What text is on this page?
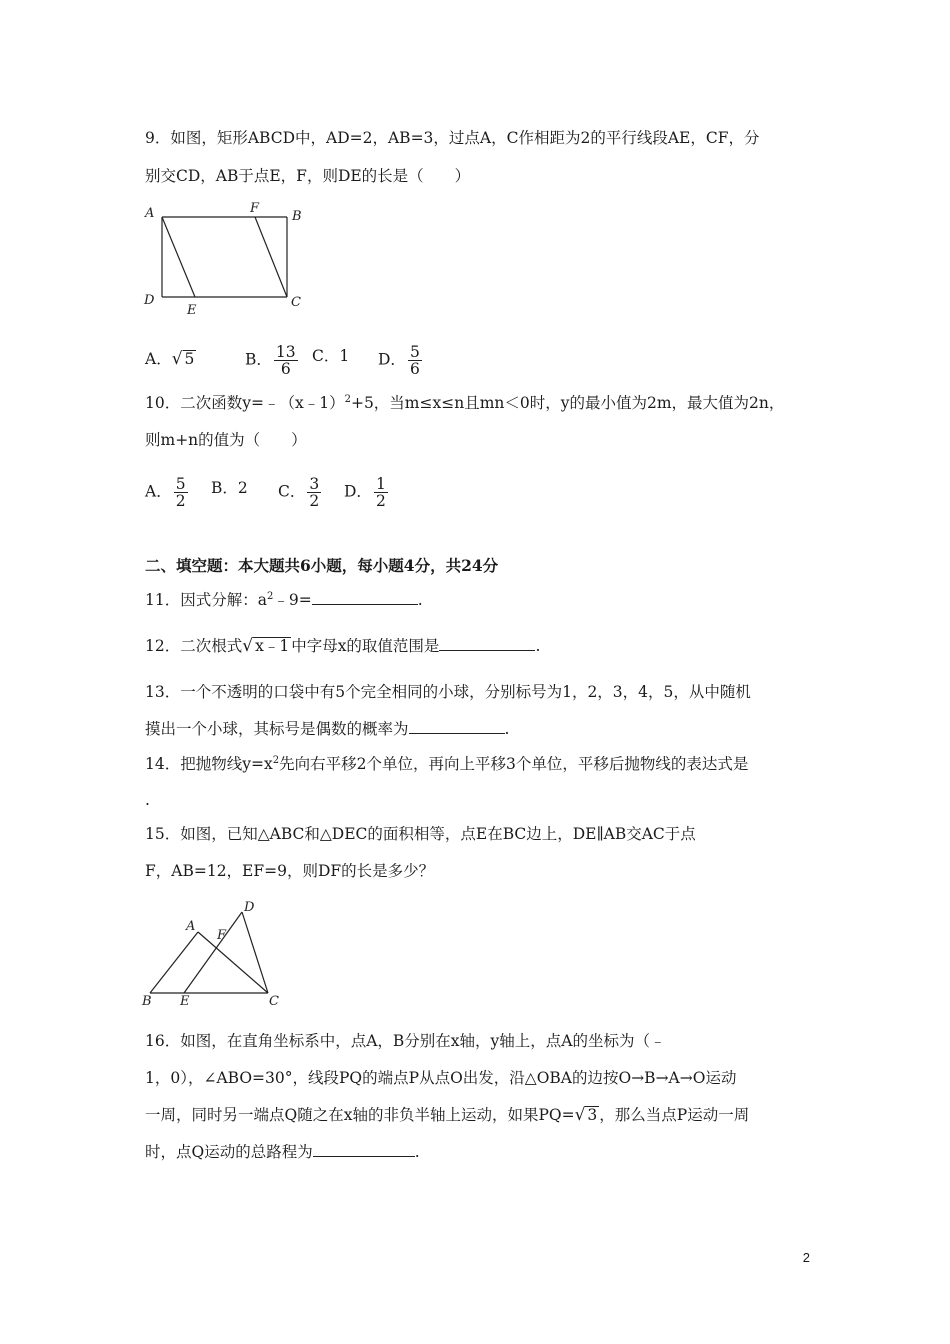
9．如图，矩形ABCD中，AD=2，AB=3，过点A，C作相距为2的平行线段AE，CF，分
别交CD，AB于点E，F，则DE的长是（　　）
A	F
B
D
E
C
A．√ 5	B． $\frac{13}{6}$ C．1 D． $\frac{5}{6}$
10．二次函数y=﹣（x﹣1）$^2$+5，当m≤x≤n且mn＜0时，y的最小值为2m，最大值为2n，
则m+n的值为（　　）
A． $\frac{5}{2}$ B．2 C． $\frac{3}{2}$ D． $\frac{1}{2}$
二、填空题：本大题共6小题，每小题4分，共24分
11．因式分解：$a^2﹣9=$	.
12．二次根式√ x﹣1 中字母x的取值范围是	.
13．一个不透明的口袋中有5个完全相同的小球，分别标号为1，2，3，4，5，从中随机
摸出一个小球，其标号是偶数的概率为	.
14．把抛物线$y=x^2$先向右平移2个单位，再向上平移3个单位，平移后抛物线的表达式是
.
15．如图，已知△ABC和△DEC的面积相等，点E在BC边上，DE∥AB交AC于点
F，AB=12，EF=9，则DF的长是多少？
D
A
F
B E	C
16．如图，在直角坐标系中，点A，B分别在x轴，y轴上，点A的坐标为（﹣
1，0），∠ABO=30°，线段PQ的端点P从点O出发，沿△OBA的边按O→B→A→O运动
一周，同时另一端点Q随之在x轴的非负半轴上运动，如果PQ=√ 3 ，那么当点P运动一周
时，点Q运动的总路程为	.
2
